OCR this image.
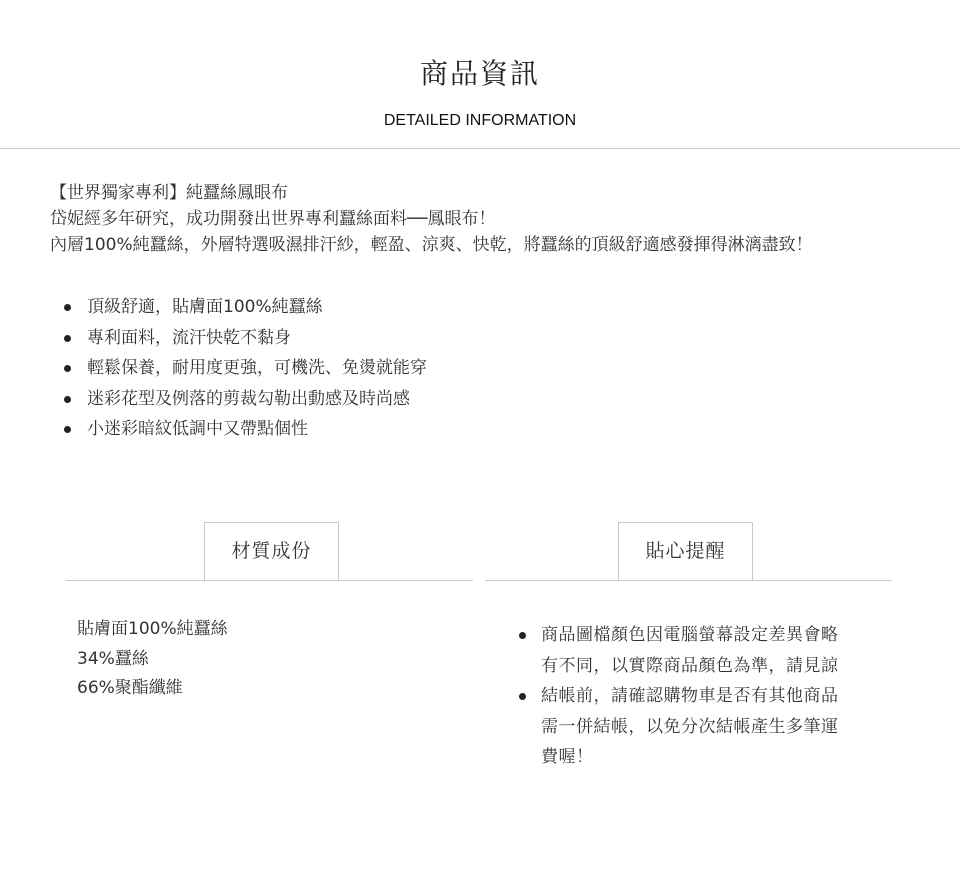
商品資訊
DETAILED INFORMATION

【世界獨家專利】純蠶絲鳳眼布

岱妮經多年研究，成功開發出世界專利蠶絲面料──鳳眼布！

內層100%純蠶絲，外層特選吸濕排汗紗，輕盈、涼爽、快乾，將蠶絲的頂級舒適感發揮得淋漓盡致！

頂級舒適，貼膚面100%純蠶絲
專利面料，流汗快乾不黏身
輕鬆保養，耐用度更強，可機洗、免燙就能穿
迷彩花型及例落的剪裁勾勒出動感及時尚感
小迷彩暗紋低調中又帶點個性
材質成份	貼心提醒
貼膚面100%純蠶絲
34%蠶絲
66%聚酯纖維
商品圖檔顏色因電腦螢幕設定差異會略有不同，以實際商品顏色為準，請見諒
結帳前，請確認購物車是否有其他商品需一併結帳，以免分次結帳產生多筆運費喔！
